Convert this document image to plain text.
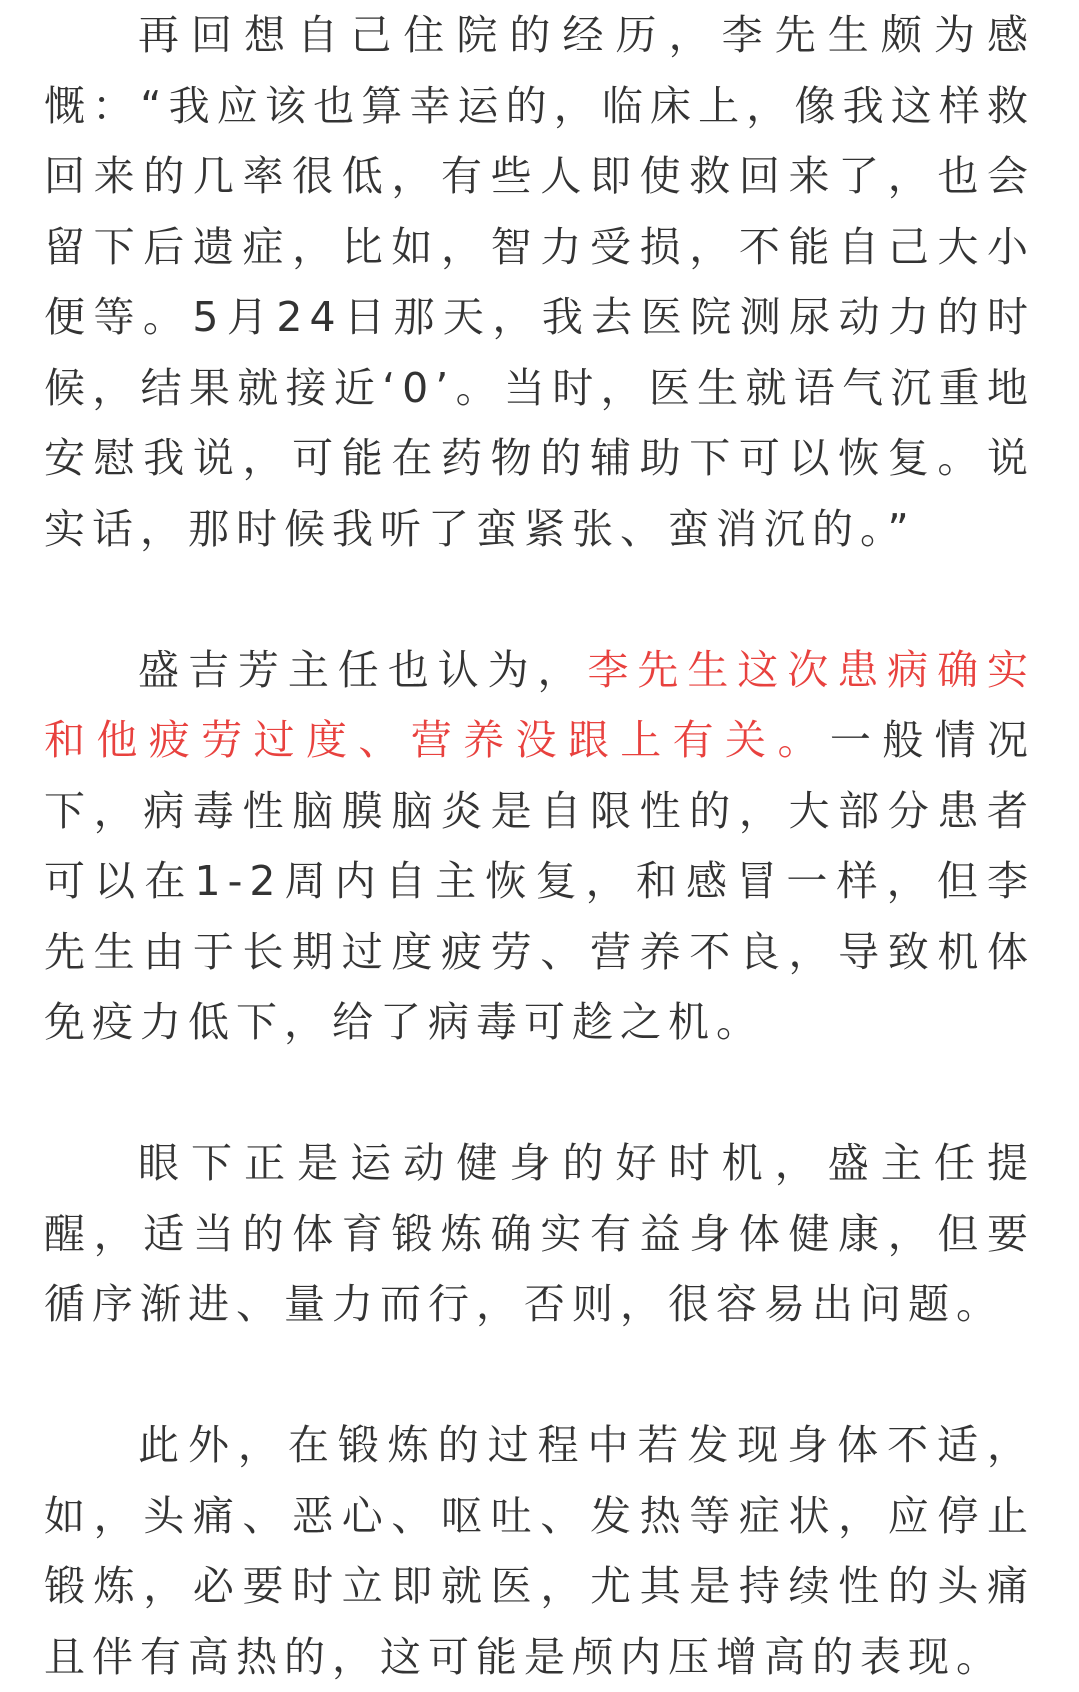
再回想自己住院的经历，李先生颇为感慨：“我应该也算幸运的，临床上，像我这样救回来的几率很低，有些人即使救回来了，也会留下后遗症，比如，智力受损，不能自己大小便等。5月24日那天，我去医院测尿动力的时候，结果就接近‘0’。当时，医生就语气沉重地安慰我说，可能在药物的辅助下可以恢复。说实话，那时候我听了蛮紧张、蛮消沉的。”

盛吉芳主任也认为，李先生这次患病确实和他疲劳过度、营养没跟上有关。一般情况下，病毒性脑膜脑炎是自限性的，大部分患者可以在1-2周内自主恢复，和感冒一样，但李先生由于长期过度疲劳、营养不良，导致机体免疫力低下，给了病毒可趁之机。

眼下正是运动健身的好时机，盛主任提醒，适当的体育锻炼确实有益身体健康，但要循序渐进、量力而行，否则，很容易出问题。

此外，在锻炼的过程中若发现身体不适，如，头痛、恶心、呕吐、发热等症状，应停止锻炼，必要时立即就医，尤其是持续性的头痛且伴有高热的，这可能是颅内压增高的表现。
